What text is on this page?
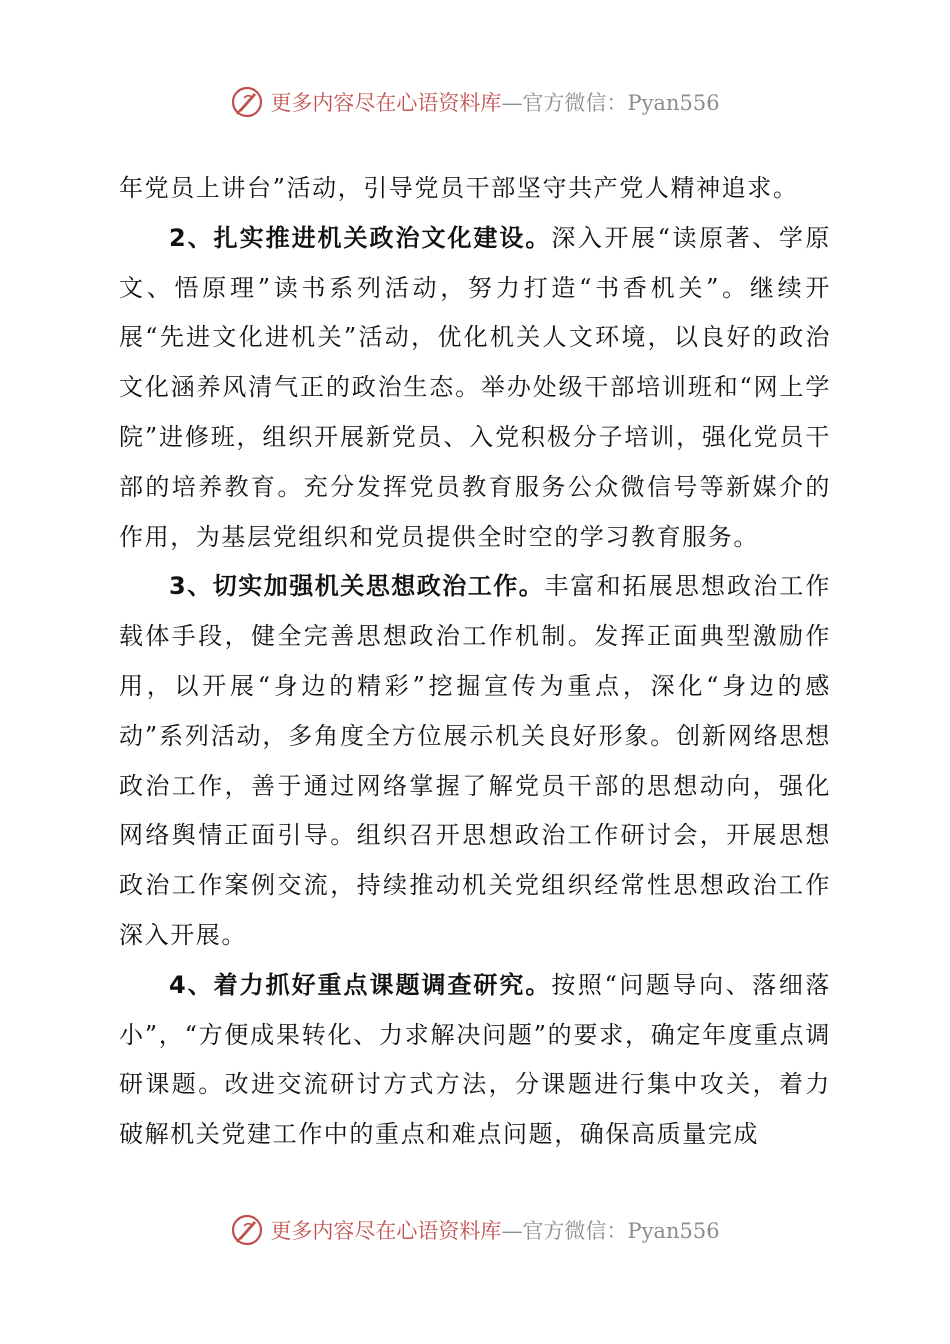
更多内容尽在心语资料库—官方微信：Pyan556

年党员上讲台”活动，引导党员干部坚守共产党人精神追求。

2、扎实推进机关政治文化建设。深入开展“读原著、学原文、悟原理”读书系列活动，努力打造“书香机关”。继续开展“先进文化进机关”活动，优化机关人文环境，以良好的政治文化涵养风清气正的政治生态。举办处级干部培训班和“网上学院”进修班，组织开展新党员、入党积极分子培训，强化党员干部的培养教育。充分发挥党员教育服务公众微信号等新媒介的作用，为基层党组织和党员提供全时空的学习教育服务。

3、切实加强机关思想政治工作。丰富和拓展思想政治工作载体手段，健全完善思想政治工作机制。发挥正面典型激励作用，以开展“身边的精彩”挖掘宣传为重点，深化“身边的感动”系列活动，多角度全方位展示机关良好形象。创新网络思想政治工作，善于通过网络掌握了解党员干部的思想动向，强化网络舆情正面引导。组织召开思想政治工作研讨会，开展思想政治工作案例交流，持续推动机关党组织经常性思想政治工作深入开展。

4、着力抓好重点课题调查研究。按照“问题导向、落细落小”，“方便成果转化、力求解决问题”的要求，确定年度重点调研课题。改进交流研讨方式方法，分课题进行集中攻关，着力破解机关党建工作中的重点和难点问题，确保高质量完成

更多内容尽在心语资料库—官方微信：Pyan556
